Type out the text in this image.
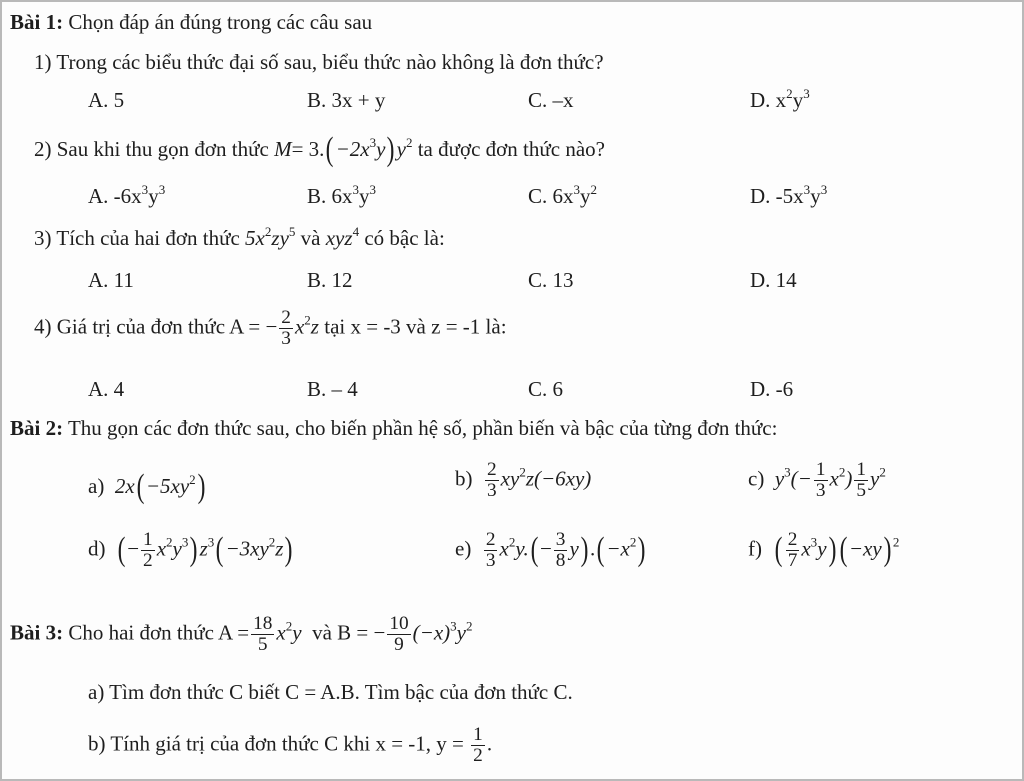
Bài 1: Chọn đáp án đúng trong các câu sau
1) Trong các biểu thức đại số sau, biểu thức nào không là đơn thức?
A. 5	B. 3x + y	C. –x	D. $x^2y^3$
2) Sau khi thu gọn đơn thức $M= 3.(-2x^3y)y^2$ ta được đơn thức nào?
A. $-6x^3y^3$	B. $6x^3y^3$	C. $6x^3y^2$	D. $-5x^3y^3$
3) Tích của hai đơn thức $5x^2zy^5$ và xyz$^4$ có bậc là:
A. 11	B. 12	C. 13	D. 14
4) Giá trị của đơn thức A = − $\frac{2}{3} x^2z$ tại x = -3 và z = -1 là:
A. 4	B. – 4	C. 6	D. -6
Bài 2: Thu gọn các đơn thức sau, cho biến phần hệ số, phần biến và bậc của từng đơn thức:
a) $2x(-5xy^2)$	$b) \frac{2}{3} xy^2z(-6xy)$	c) $y^3(- \frac{1}{3} x^2) \frac{1}{5} y^2$
d) (− $\frac{1}{2} x^2y^3)z^3(-3xy^2z)$	$e) \frac{2}{3} x^2y.(- \frac{3}{8} y).(-x^2)$	f) ( $\frac{2}{7} x^3y)(-xy)$ $^2$
Bài 3: Cho hai đơn thức $A = \frac{18}{5} x^2y$ và B = − $\frac{10}{9} (-x)^3y^2$
a) Tìm đơn thức C biết C = A.B. Tìm bậc của đơn thức C.
b) Tính giá trị của đơn thức C khi x = -1, $y = \frac{1}{2}$ .
